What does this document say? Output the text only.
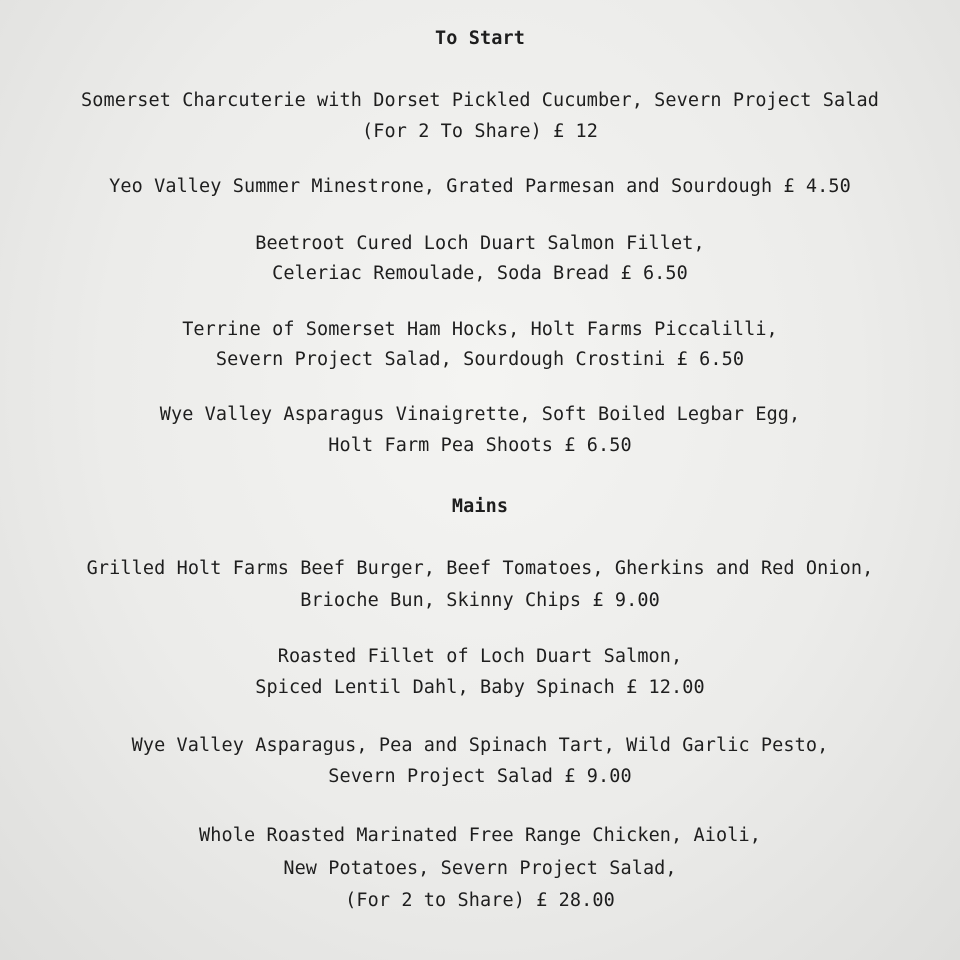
To Start
Somerset Charcuterie with Dorset Pickled Cucumber, Severn Project Salad
(For 2 To Share) £ 12
Yeo Valley Summer Minestrone, Grated Parmesan and Sourdough £ 4.50
Beetroot Cured Loch Duart Salmon Fillet,
Celeriac Remoulade, Soda Bread £ 6.50
Terrine of Somerset Ham Hocks, Holt Farms Piccalilli,
Severn Project Salad, Sourdough Crostini £ 6.50
Wye Valley Asparagus Vinaigrette, Soft Boiled Legbar Egg,
Holt Farm Pea Shoots £ 6.50
Mains
Grilled Holt Farms Beef Burger, Beef Tomatoes, Gherkins and Red Onion,
Brioche Bun, Skinny Chips £ 9.00
Roasted Fillet of Loch Duart Salmon,
Spiced Lentil Dahl, Baby Spinach £ 12.00
Wye Valley Asparagus, Pea and Spinach Tart, Wild Garlic Pesto,
Severn Project Salad £ 9.00
Whole Roasted Marinated Free Range Chicken, Aioli,
New Potatoes, Severn Project Salad,
(For 2 to Share) £ 28.00
